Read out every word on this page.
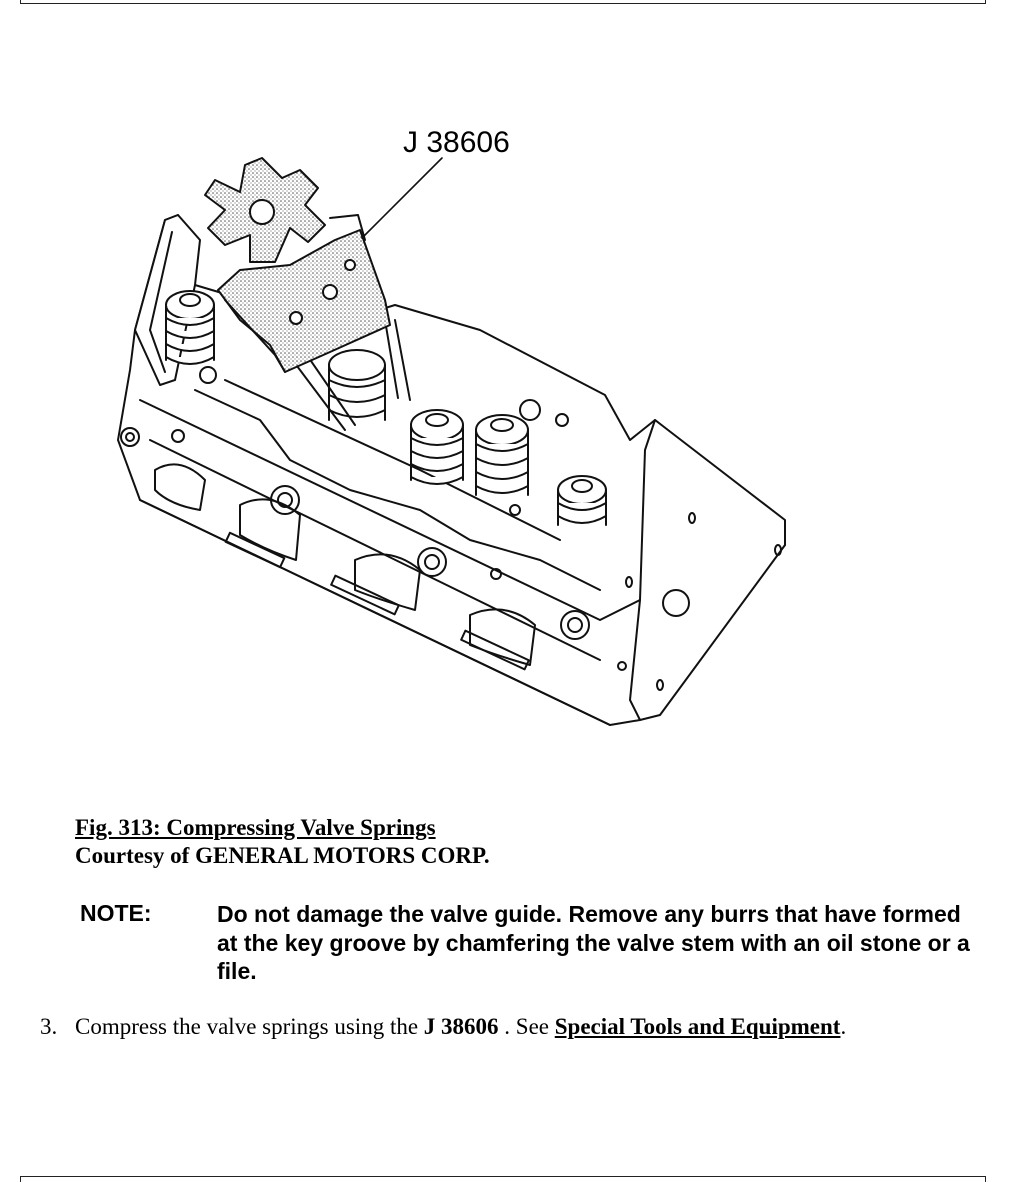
J 38606
Fig. 313: Compressing Valve Springs
Courtesy of GENERAL MOTORS CORP.
NOTE:	Do not damage the valve guide. Remove any burrs that have formed at the key groove by chamfering the valve stem with an oil stone or a file.
3. Compress the valve springs using the J 38606 . See Special Tools and Equipment.
